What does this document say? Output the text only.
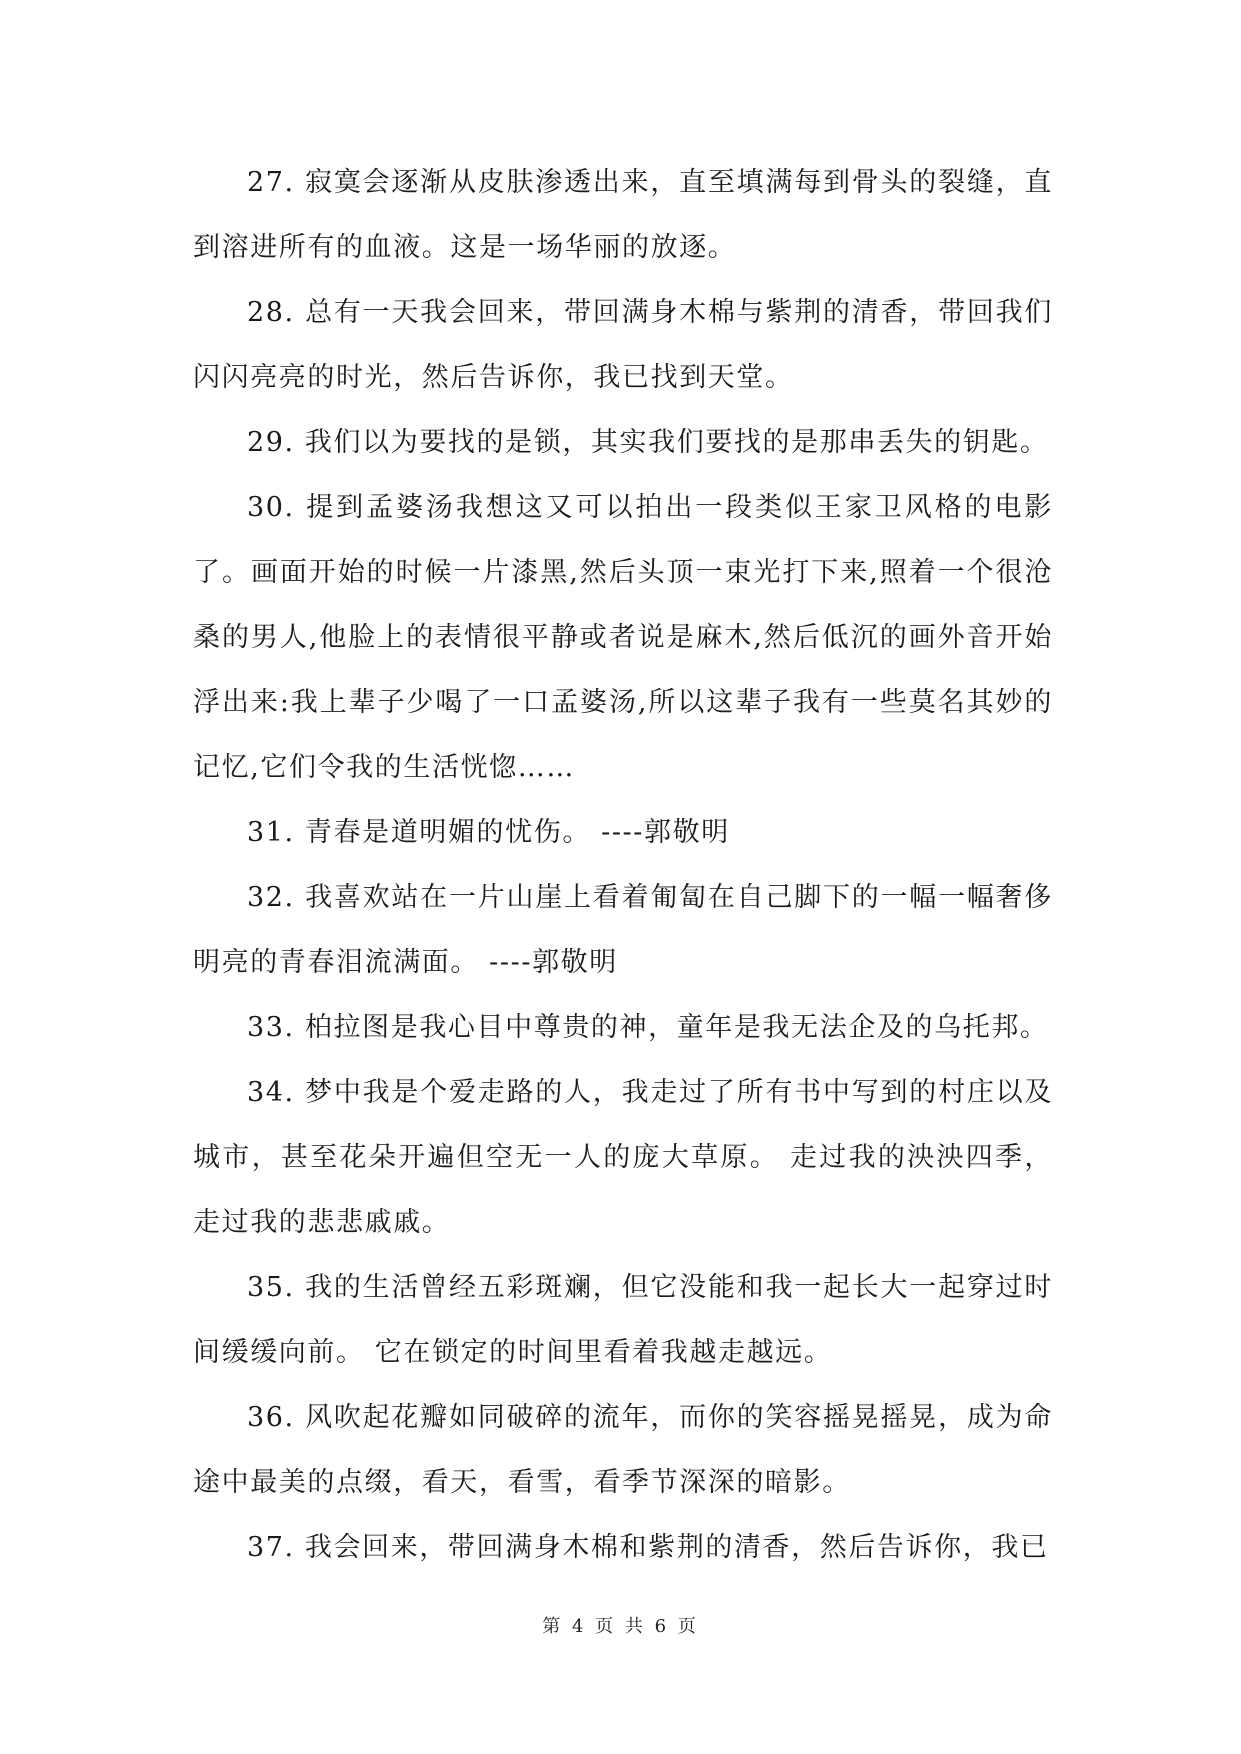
27. 寂寞会逐渐从皮肤渗透出来，直至填满每到骨头的裂缝，直到溶进所有的血液。这是一场华丽的放逐。

28. 总有一天我会回来，带回满身木棉与紫荆的清香，带回我们闪闪亮亮的时光，然后告诉你，我已找到天堂。

29. 我们以为要找的是锁，其实我们要找的是那串丢失的钥匙。

30. 提到孟婆汤我想这又可以拍出一段类似王家卫风格的电影了。画面开始的时候一片漆黑,然后头顶一束光打下来,照着一个很沧桑的男人,他脸上的表情很平静或者说是麻木,然后低沉的画外音开始浮出来:我上辈子少喝了一口孟婆汤,所以这辈子我有一些莫名其妙的记忆,它们令我的生活恍惚……

31. 青春是道明媚的忧伤。 ----郭敬明

32. 我喜欢站在一片山崖上看着匍匐在自己脚下的一幅一幅奢侈明亮的青春泪流满面。 ----郭敬明

33. 柏拉图是我心目中尊贵的神，童年是我无法企及的乌托邦。

34. 梦中我是个爱走路的人，我走过了所有书中写到的村庄以及城市，甚至花朵开遍但空无一人的庞大草原。 走过我的泱泱四季，走过我的悲悲戚戚。

35. 我的生活曾经五彩斑斓，但它没能和我一起长大一起穿过时间缓缓向前。 它在锁定的时间里看着我越走越远。

36. 风吹起花瓣如同破碎的流年，而你的笑容摇晃摇晃，成为命途中最美的点缀，看天，看雪，看季节深深的暗影。

37. 我会回来，带回满身木棉和紫荆的清香，然后告诉你，我已

第 4 页 共 6 页
